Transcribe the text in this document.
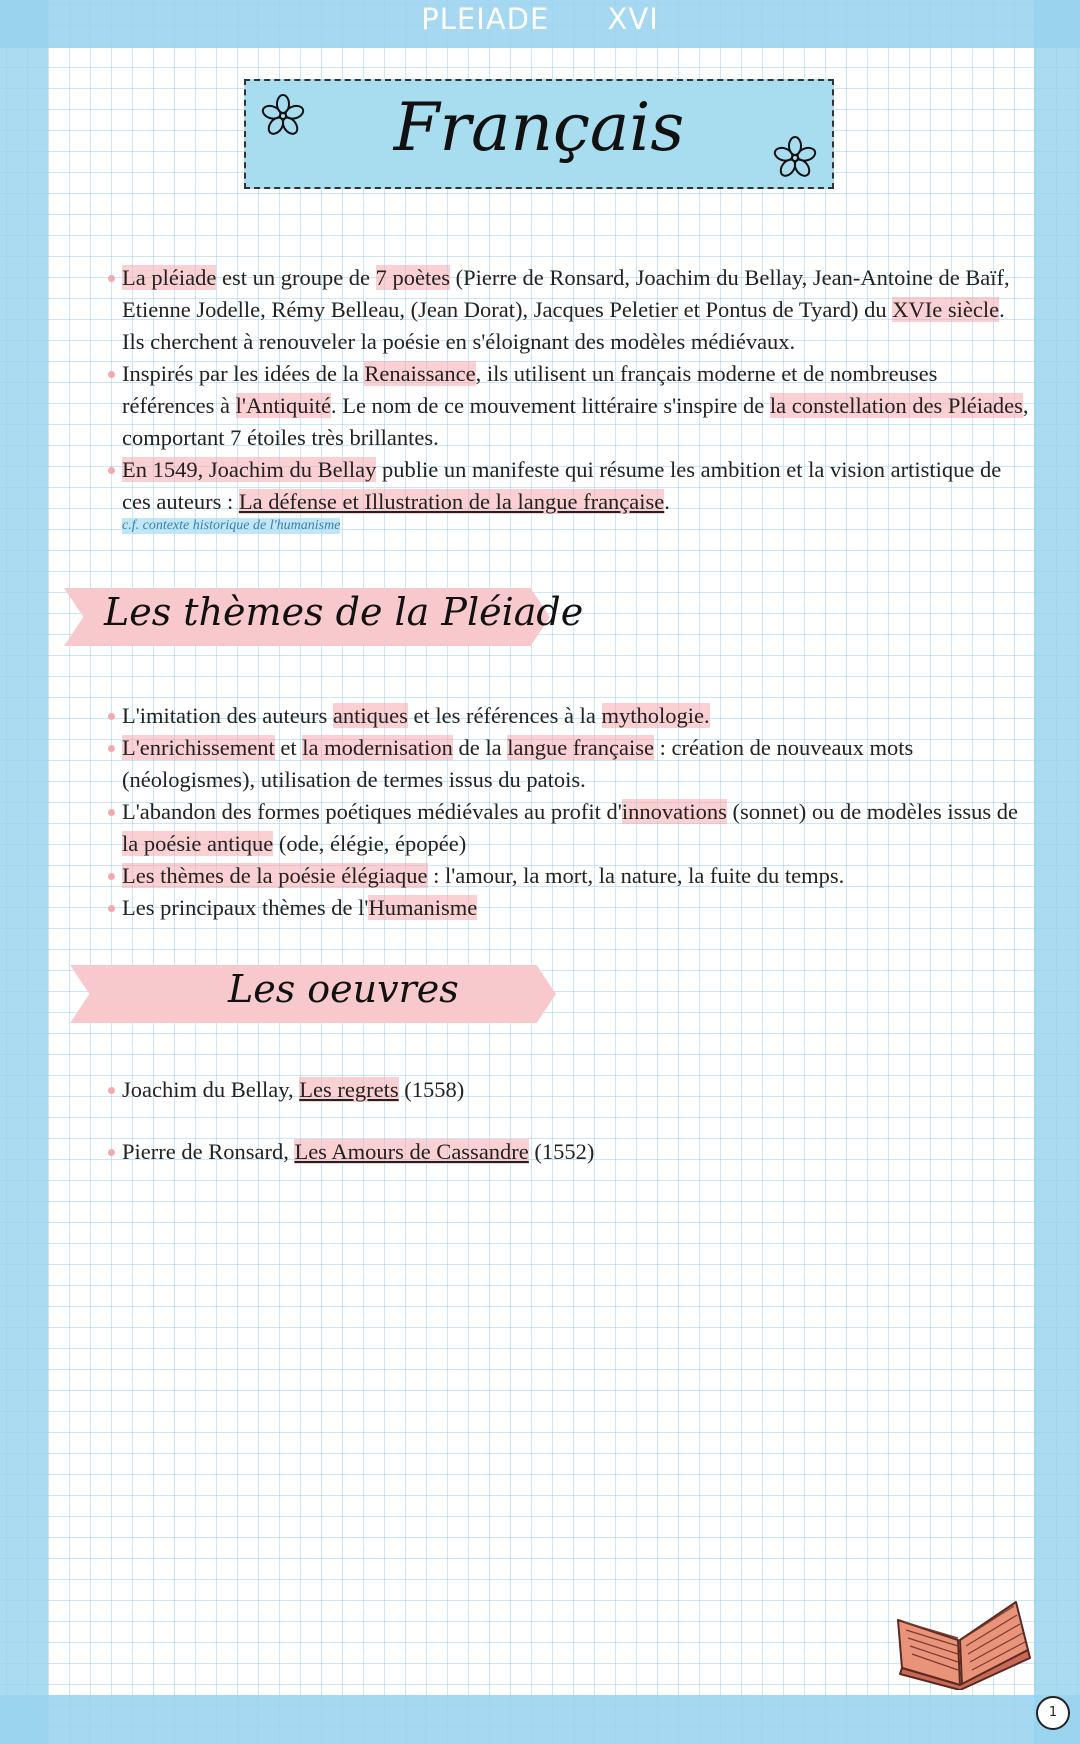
PLEIADE XVI
Français
La pléiade est un groupe de 7 poètes (Pierre de Ronsard, Joachim du Bellay, Jean-Antoine de Baïf, Etienne Jodelle, Rémy Belleau, (Jean Dorat), Jacques Peletier et Pontus de Tyard) du XVIe siècle. Ils cherchent à renouveler la poésie en s'éloignant des modèles médiévaux.
Inspirés par les idées de la Renaissance, ils utilisent un français moderne et de nombreuses références à l'Antiquité. Le nom de ce mouvement littéraire s'inspire de la constellation des Pléiades, comportant 7 étoiles très brillantes.
En 1549, Joachim du Bellay publie un manifeste qui résume les ambition et la vision artistique de ces auteurs : La défense et Illustration de la langue française.
c.f. contexte historique de l'humanisme
Les thèmes de la Pléiade
L'imitation des auteurs antiques et les références à la mythologie.
L'enrichissement et la modernisation de la langue française : création de nouveaux mots (néologismes), utilisation de termes issus du patois.
L'abandon des formes poétiques médiévales au profit d'innovations (sonnet) ou de modèles issus de la poésie antique (ode, élégie, épopée)
Les thèmes de la poésie élégiaque : l'amour, la mort, la nature, la fuite du temps.
Les principaux thèmes de l'Humanisme
Les oeuvres
Joachim du Bellay, Les regrets (1558)
Pierre de Ronsard, Les Amours de Cassandre (1552)
1
